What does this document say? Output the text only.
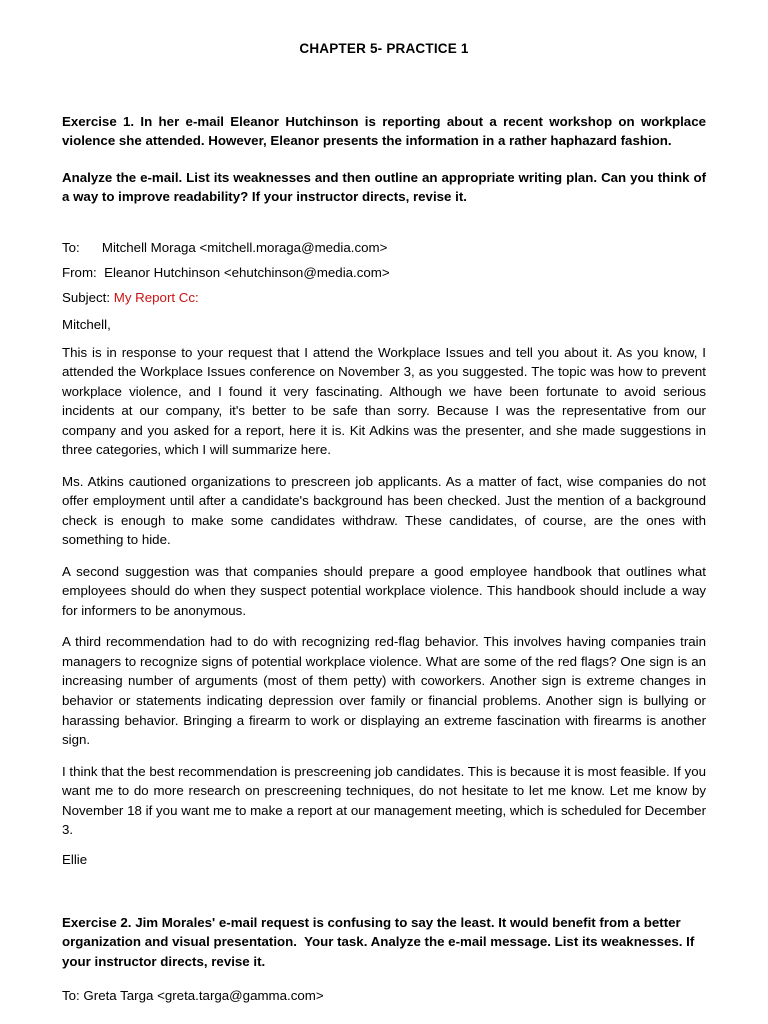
CHAPTER 5- PRACTICE 1

Exercise 1. In her e-mail Eleanor Hutchinson is reporting about a recent workshop on workplace violence she attended. However, Eleanor presents the information in a rather haphazard fashion.

Analyze the e-mail. List its weaknesses and then outline an appropriate writing plan. Can you think of a way to improve readability? If your instructor directs, revise it.

To:      Mitchell Moraga <mitchell.moraga@media.com>
From:  Eleanor Hutchinson <ehutchinson@media.com>
Subject: My Report Cc:

Mitchell,

This is in response to your request that I attend the Workplace Issues and tell you about it. As you know, I attended the Workplace Issues conference on November 3, as you suggested. The topic was how to prevent workplace violence, and I found it very fascinating. Although we have been fortunate to avoid serious incidents at our company, it's better to be safe than sorry. Because I was the representative from our company and you asked for a report, here it is. Kit Adkins was the presenter, and she made suggestions in three categories, which I will summarize here.

Ms. Atkins cautioned organizations to prescreen job applicants. As a matter of fact, wise companies do not offer employment until after a candidate's background has been checked. Just the mention of a background check is enough to make some candidates withdraw. These candidates, of course, are the ones with something to hide.

A second suggestion was that companies should prepare a good employee handbook that outlines what employees should do when they suspect potential workplace violence. This handbook should include a way for informers to be anonymous.

A third recommendation had to do with recognizing red-flag behavior. This involves having companies train managers to recognize signs of potential workplace violence. What are some of the red flags? One sign is an increasing number of arguments (most of them petty) with coworkers. Another sign is extreme changes in behavior or statements indicating depression over family or financial problems. Another sign is bullying or harassing behavior. Bringing a firearm to work or displaying an extreme fascination with firearms is another sign.

I think that the best recommendation is prescreening job candidates. This is because it is most feasible. If you want me to do more research on prescreening techniques, do not hesitate to let me know. Let me know by November 18 if you want me to make a report at our management meeting, which is scheduled for December 3.

Ellie

Exercise 2. Jim Morales' e-mail request is confusing to say the least. It would benefit from a better organization and visual presentation.  Your task. Analyze the e-mail message. List its weaknesses. If your instructor directs, revise it.

To: Greta Targa <greta.targa@gamma.com>
